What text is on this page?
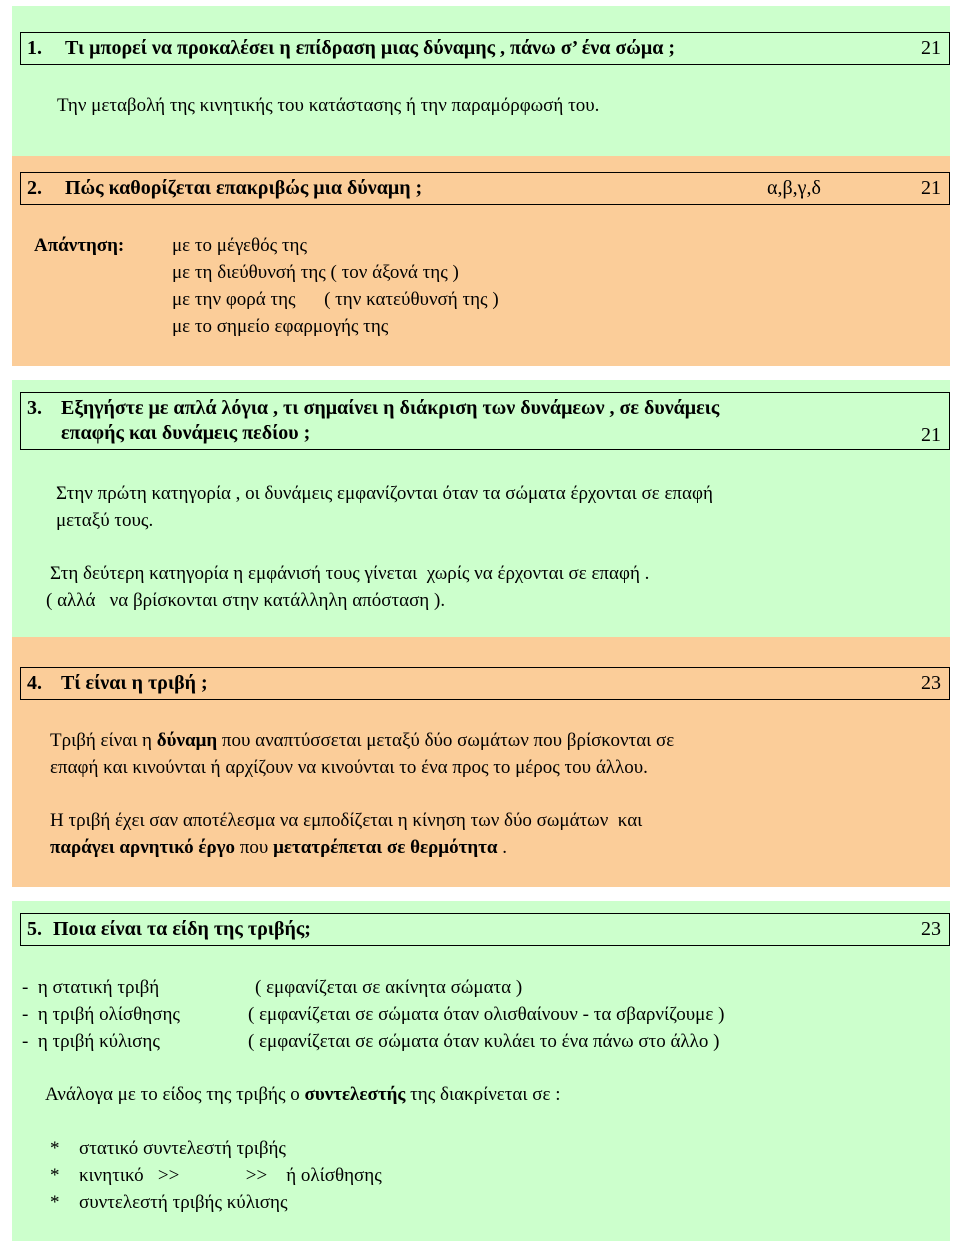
1. Τι μπορεί να προκαλέσει η επίδραση μιας δύναμης , πάνω σ’ ένα σώμα ;	21
Την μεταβολή της κινητικής του κατάστασης ή την παραμόρφωσή του.
2. Πώς καθορίζεται επακριβώς μια δύναμη ;	α,β,γ,δ	21
Απάντηση:	με το μέγεθός της
με τη διεύθυνσή της ( τον άξονά της )
με την φορά της      ( την κατεύθυνσή της )
με το σημείο εφαρμογής της
3. Εξηγήστε με απλά λόγια , τι σημαίνει η διάκριση των δυνάμεων , σε δυνάμεις
επαφής και δυνάμεις πεδίου ;	21
Στην πρώτη κατηγορία , οι δυνάμεις εμφανίζονται όταν τα σώματα έρχονται σε επαφή
μεταξύ τους.
Στη δεύτερη κατηγορία η εμφάνισή τους γίνεται  χωρίς να έρχονται σε επαφή .
( αλλά   να βρίσκονται στην κατάλληλη απόσταση ).
4. Τί είναι η τριβή ;	23
Τριβή είναι η δύναμη που αναπτύσσεται μεταξύ δύο σωμάτων που βρίσκονται σε
επαφή και κινούνται ή αρχίζουν να κινούνται το ένα προς το μέρος του άλλου.
Η τριβή έχει σαν αποτέλεσμα να εμποδίζεται η κίνηση των δύο σωμάτων  και
παράγει αρνητικό έργο που μετατρέπεται σε θερμότητα .
5. Ποια είναι τα είδη της τριβής;	23
-  η στατική τριβή	( εμφανίζεται σε ακίνητα σώματα )
-  η τριβή ολίσθησης	( εμφανίζεται σε σώματα όταν ολισθαίνουν - τα σβαρνίζουμε )
-  η τριβή κύλισης	( εμφανίζεται σε σώματα όταν κυλάει το ένα πάνω στο άλλο )
Ανάλογα με το είδος της τριβής ο συντελεστής της διακρίνεται σε :
* στατικό συντελεστή τριβής
* κινητικό   >>              >>    ή ολίσθησης
* συντελεστή τριβής κύλισης
